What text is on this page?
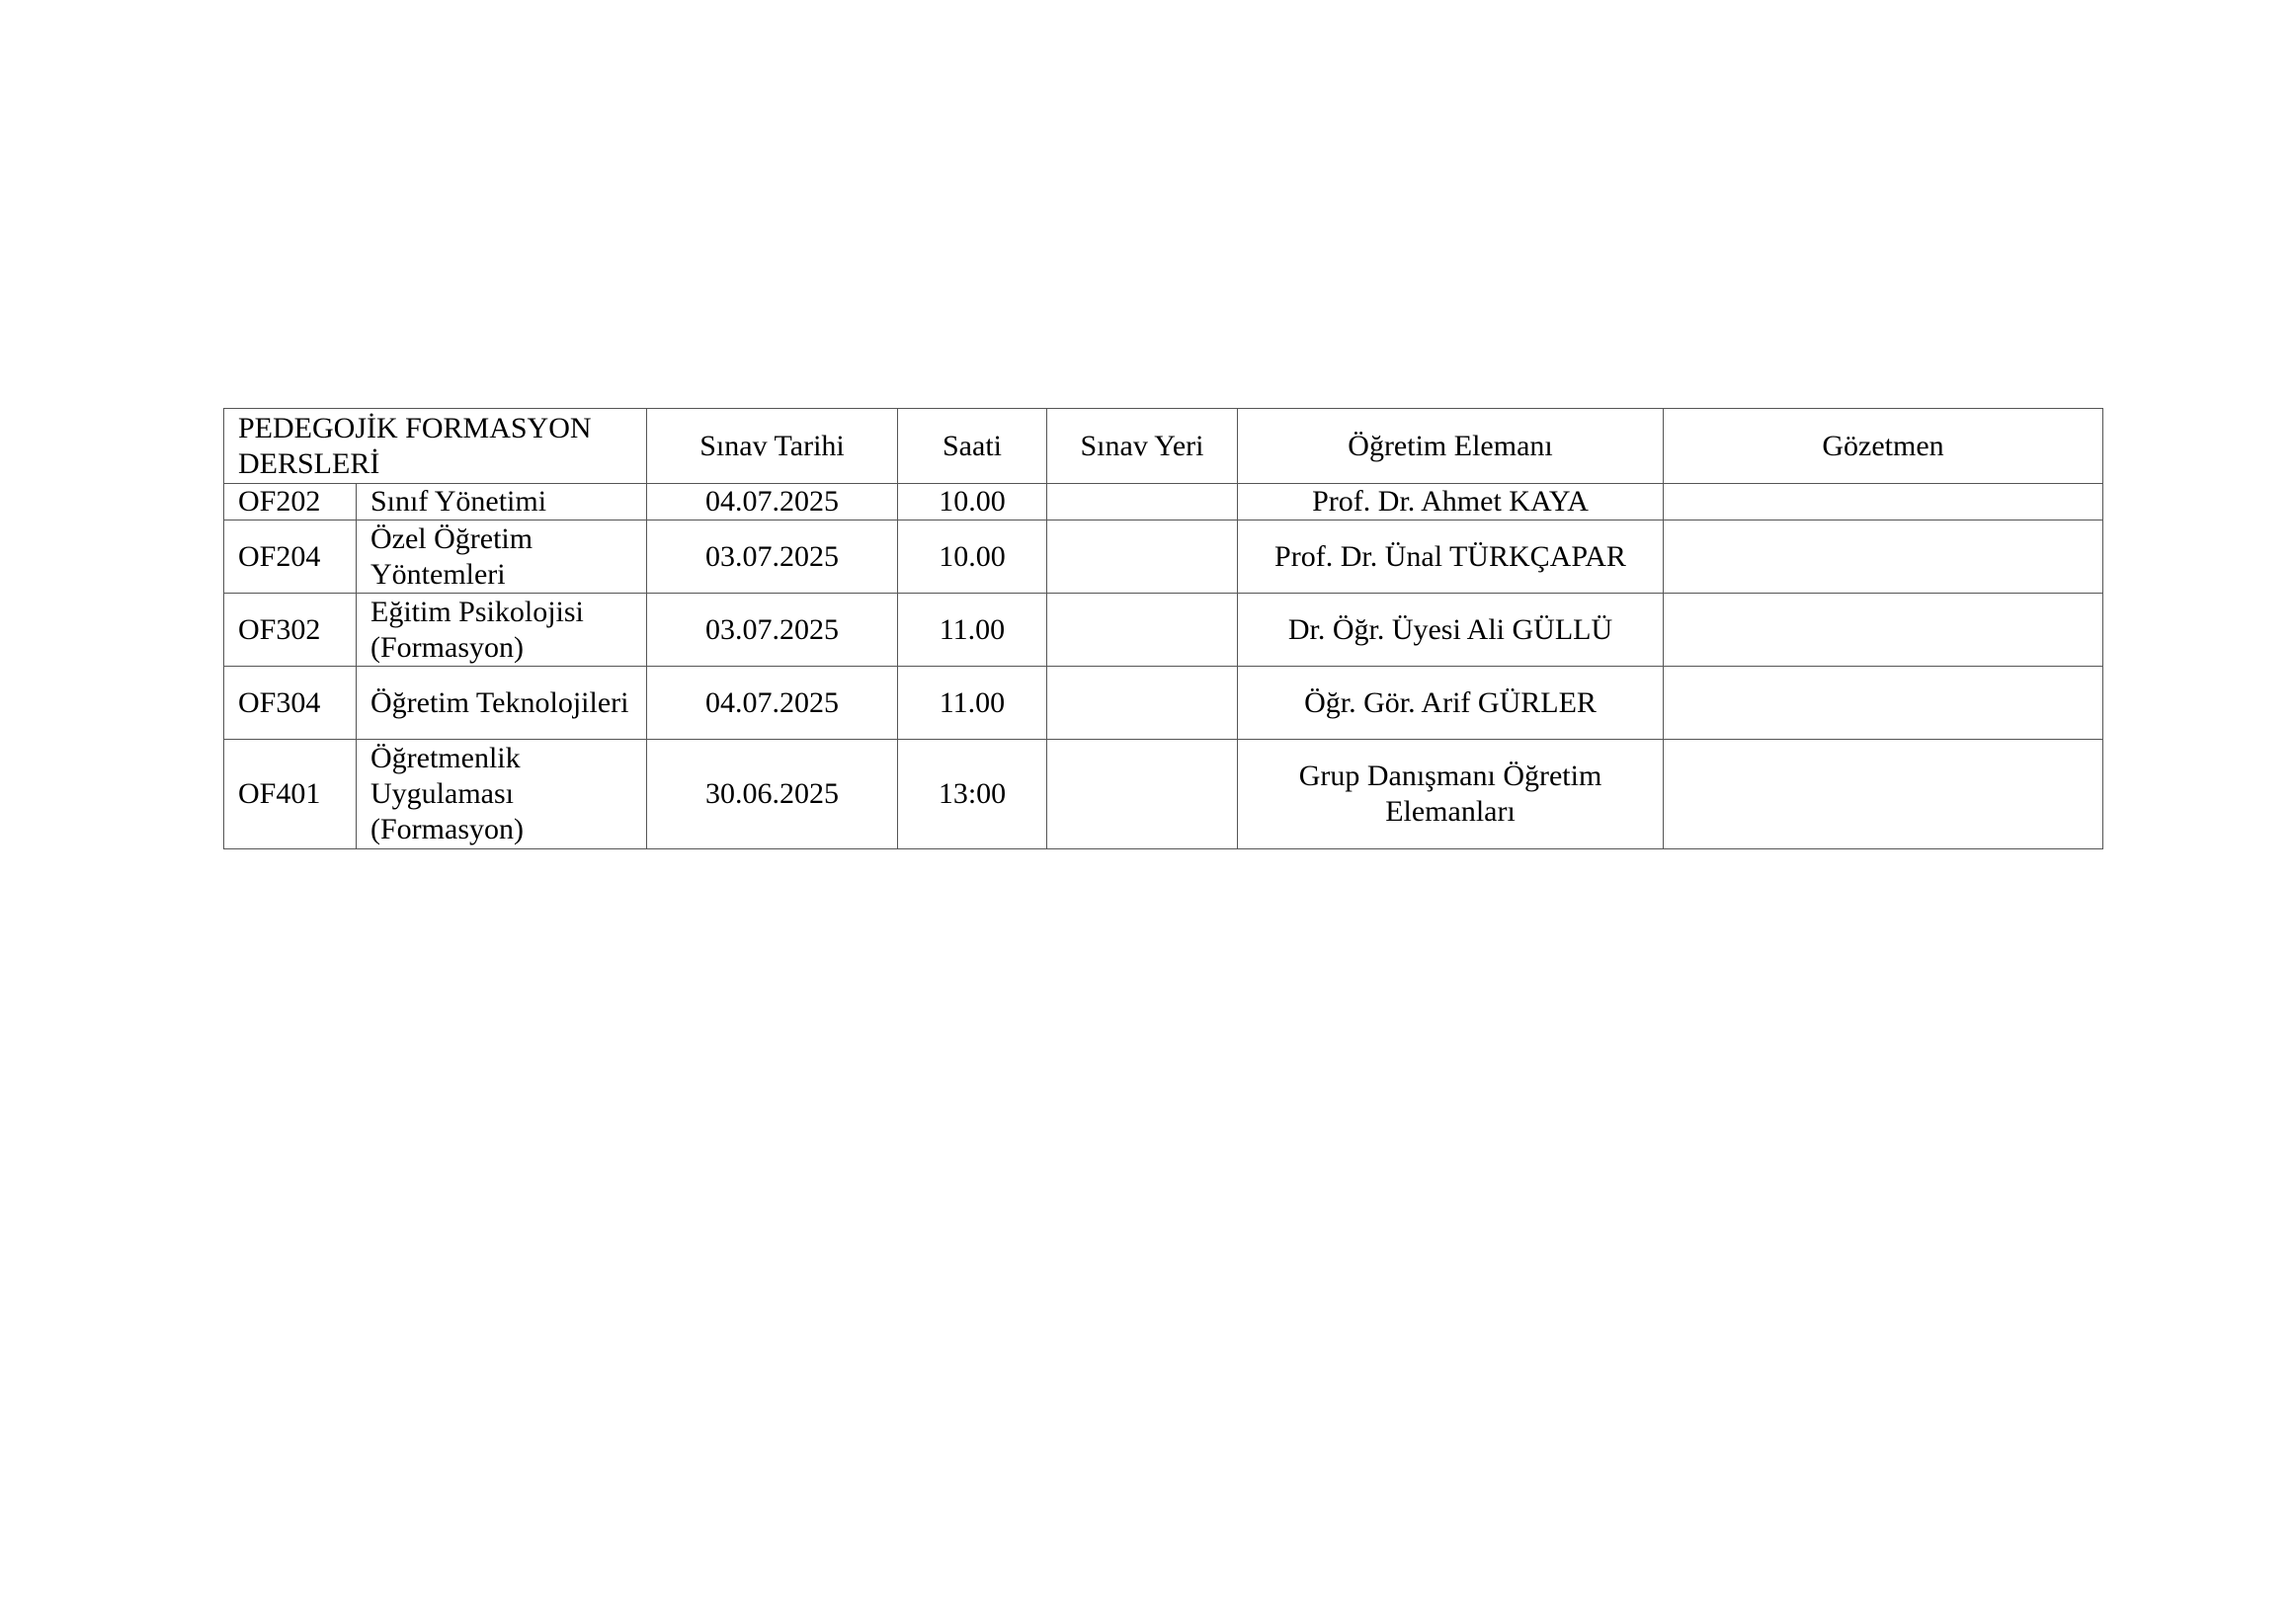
PEDEGOJİK FORMASYON DERSLERİ		Sınav Tarihi	Saati	Sınav Yeri	Öğretim Elemanı	Gözetmen
OF202	Sınıf Yönetimi	04.07.2025	10.00		Prof. Dr. Ahmet KAYA	
OF204	Özel Öğretim Yöntemleri	03.07.2025	10.00		Prof. Dr. Ünal TÜRKÇAPAR	
OF302	Eğitim Psikolojisi (Formasyon)	03.07.2025	11.00		Dr. Öğr. Üyesi Ali GÜLLÜ	
OF304	Öğretim Teknolojileri	04.07.2025	11.00		Öğr. Gör. Arif GÜRLER	
OF401	Öğretmenlik Uygulaması (Formasyon)	30.06.2025	13:00		Grup Danışmanı Öğretim Elemanları	
